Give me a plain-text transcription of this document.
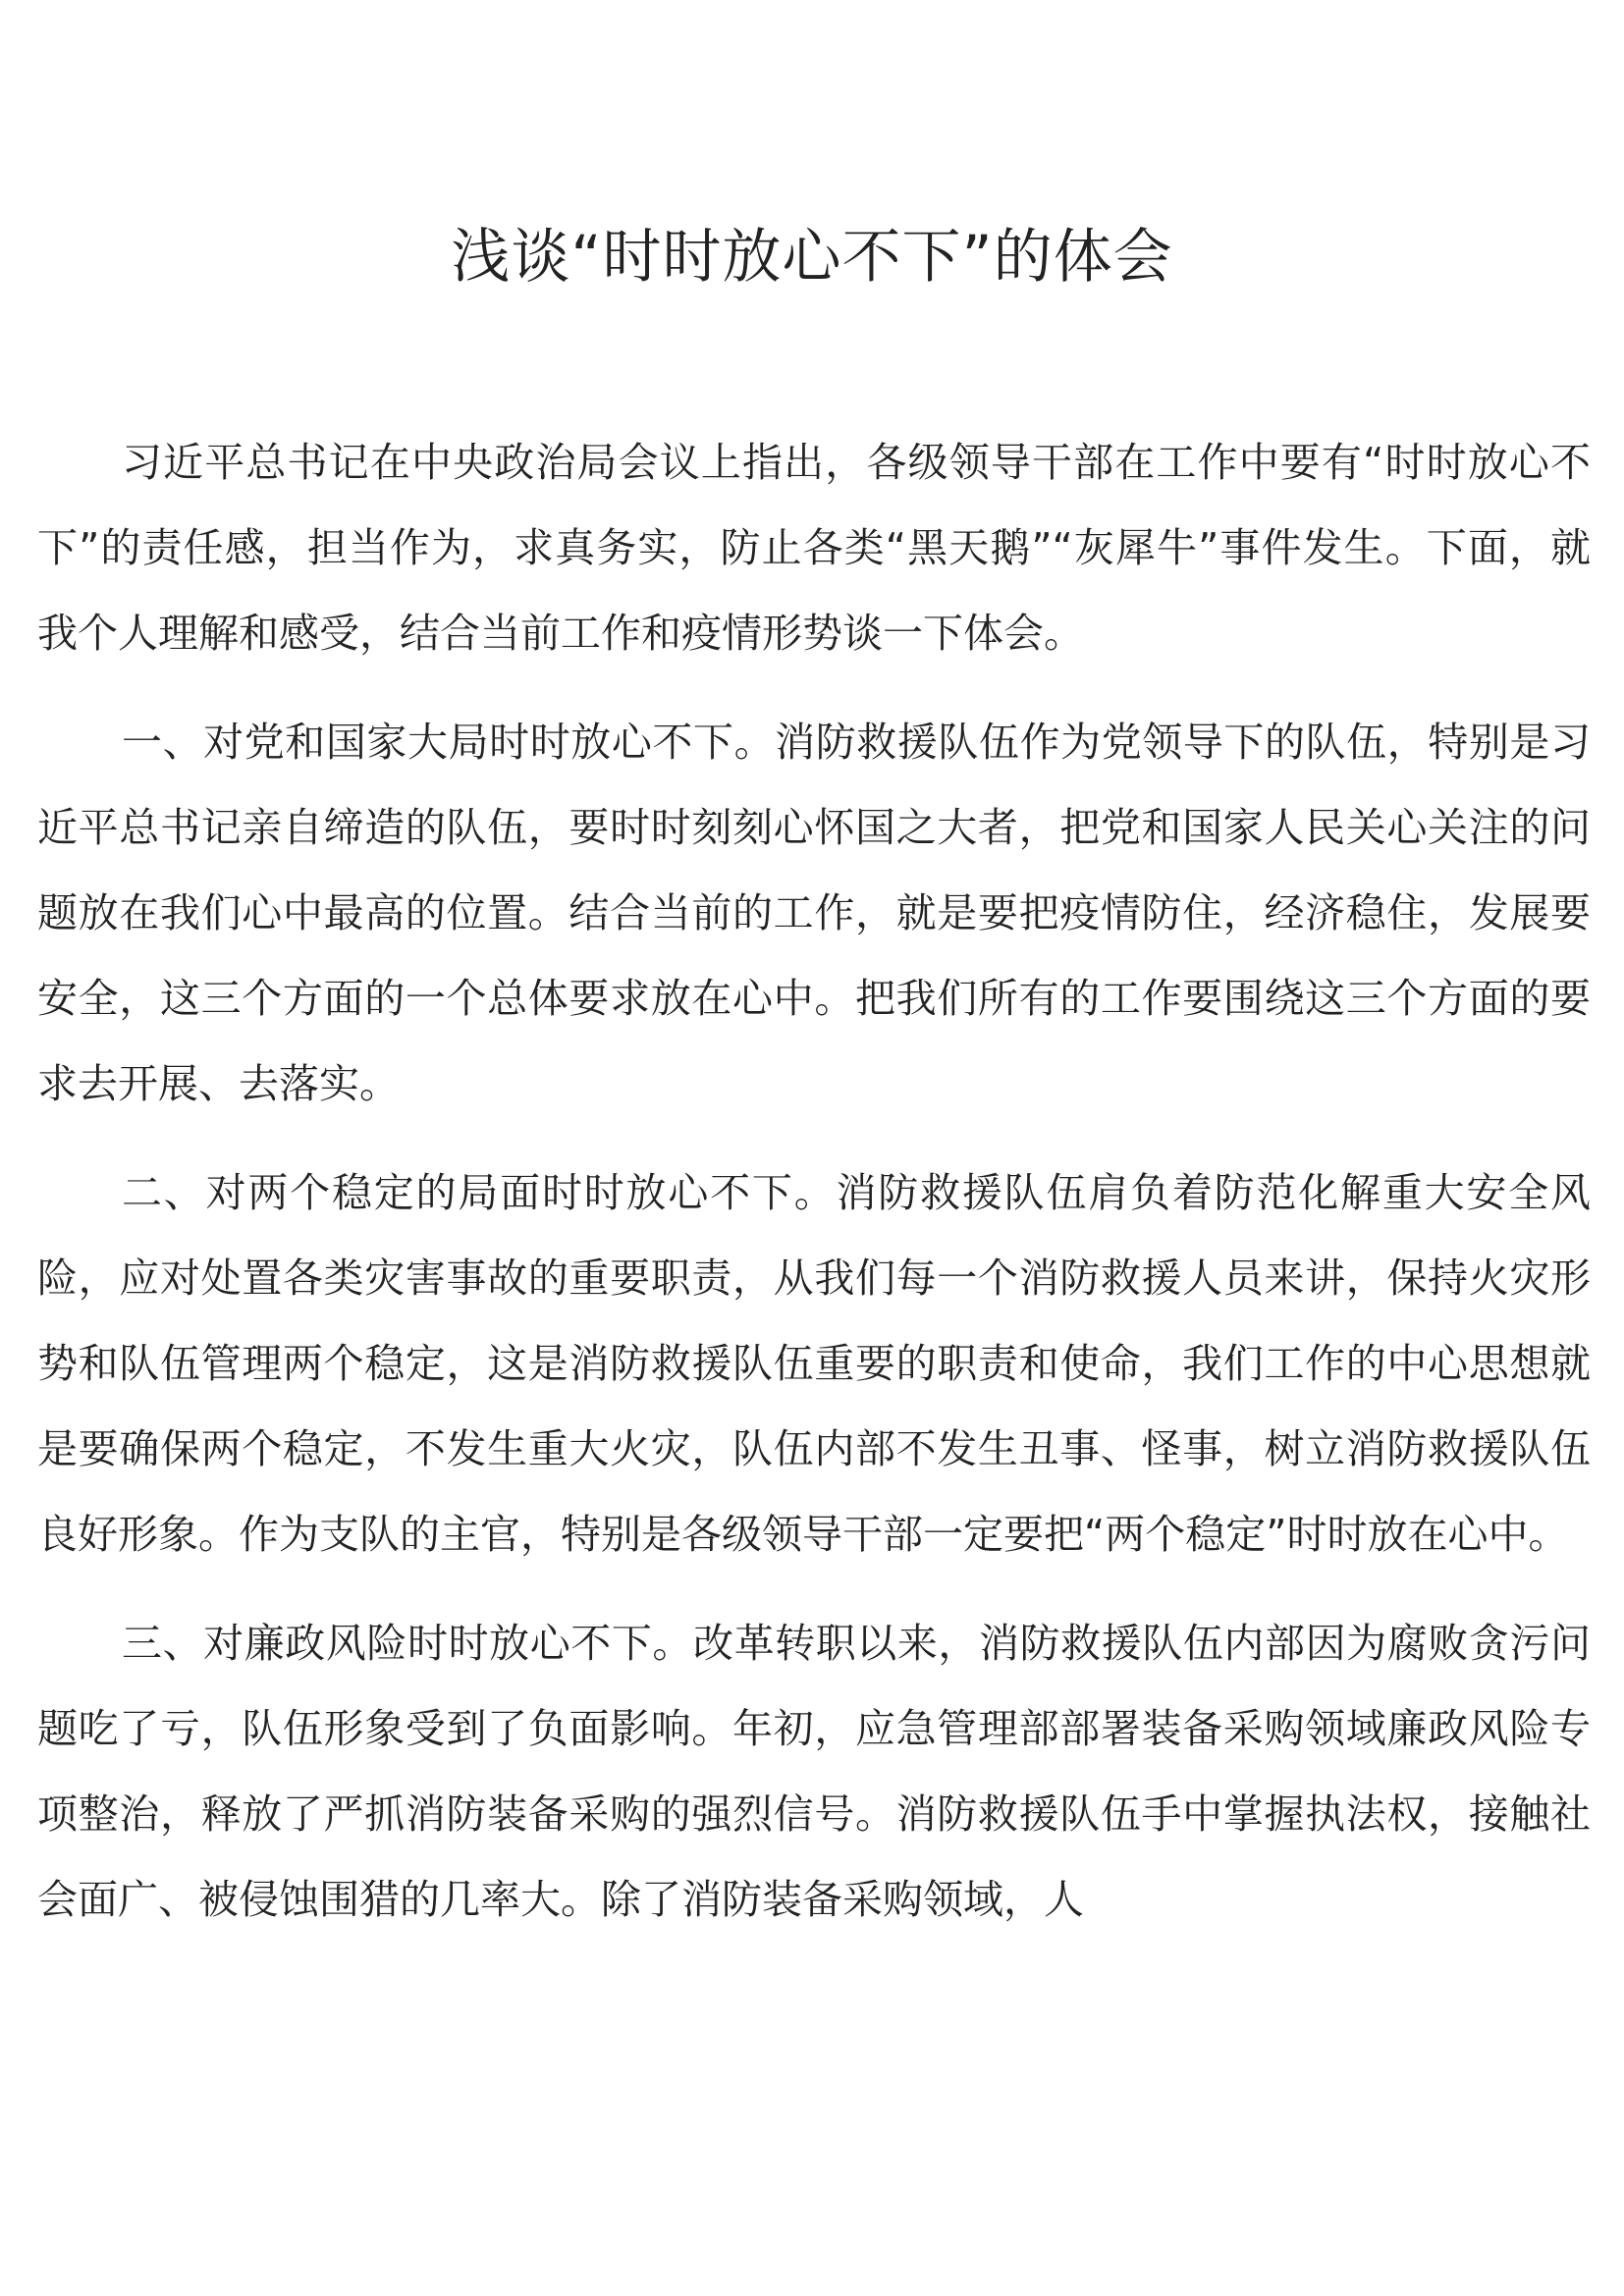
浅谈“时时放心不下”的体会

习近平总书记在中央政治局会议上指出，各级领导干部在工作中要有“时时放心不下”的责任感，担当作为，求真务实，防止各类“黑天鹅”“灰犀牛”事件发生。下面，就我个人理解和感受，结合当前工作和疫情形势谈一下体会。

一、对党和国家大局时时放心不下。消防救援队伍作为党领导下的队伍，特别是习近平总书记亲自缔造的队伍，要时时刻刻心怀国之大者，把党和国家人民关心关注的问题放在我们心中最高的位置。结合当前的工作，就是要把疫情防住，经济稳住，发展要安全，这三个方面的一个总体要求放在心中。把我们所有的工作要围绕这三个方面的要求去开展、去落实。

二、对两个稳定的局面时时放心不下。消防救援队伍肩负着防范化解重大安全风险，应对处置各类灾害事故的重要职责，从我们每一个消防救援人员来讲，保持火灾形势和队伍管理两个稳定，这是消防救援队伍重要的职责和使命，我们工作的中心思想就是要确保两个稳定，不发生重大火灾，队伍内部不发生丑事、怪事，树立消防救援队伍良好形象。作为支队的主官，特别是各级领导干部一定要把“两个稳定”时时放在心中。

三、对廉政风险时时放心不下。改革转职以来，消防救援队伍内部因为腐败贪污问题吃了亏，队伍形象受到了负面影响。年初，应急管理部部署装备采购领域廉政风险专项整治，释放了严抓消防装备采购的强烈信号。消防救援队伍手中掌握执法权，接触社会面广、被侵蚀围猎的几率大。除了消防装备采购领域，人
